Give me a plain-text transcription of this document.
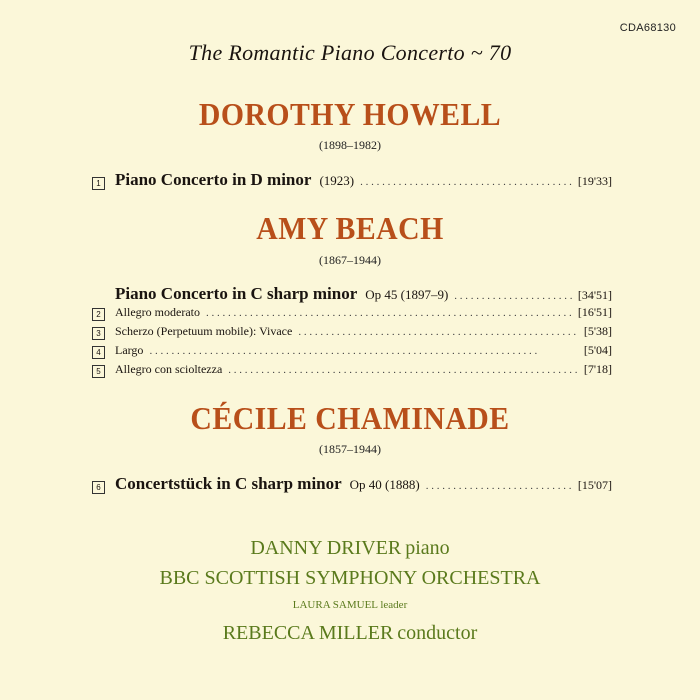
CDA68130
The Romantic Piano Concerto ~ 70
DOROTHY HOWELL
(1898–1982)
1 Piano Concerto in D minor (1923) . . .	[19'33]
AMY BEACH
(1867–1944)
Piano Concerto in C sharp minor Op 45 (1897–9) . . .	[34'51]
2	Allegro moderato . . .	[16'51]
3	Scherzo (Perpetuum mobile): Vivace . . .	[5'38]
4	Largo . . .	[5'04]
5	Allegro con scioltezza . . .	[7'18]
CÉCILE CHAMINADE
(1857–1944)
6 Concertstück in C sharp minor Op 40 (1888) . . .	[15'07]
DANNY DRIVER piano
BBC SCOTTISH SYMPHONY ORCHESTRA
LAURA SAMUEL leader
REBECCA MILLER conductor
